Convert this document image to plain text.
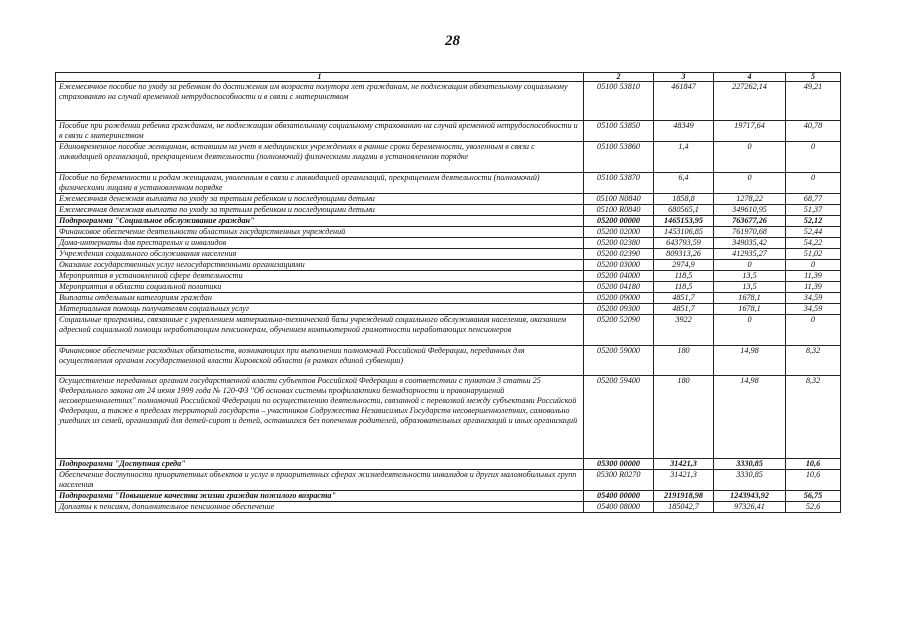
28
1	2	3	4	5
Ежемесячное пособие по уходу за ребенком до достижения им возраста полутора лет гражданам, не подлежащим обязательному социальному страхованию на случай временной нетрудоспособности и в связи с материнством	05100 53810	461847	227262,14	49,21
Пособие при рождении ребенка гражданам, не подлежащим обязательному социальному страхованию на случай временной нетрудоспособности и в связи с материнством	05100 53850	48349	19717,64	40,78
Единовременное пособие женщинам, вставшим на учет в медицинских учреждениях в ранние сроки беременности, уволенным в связи с ликвидацией организаций, прекращением деятельности (полномочий) физическими лицами в установленном порядке	05100 53860	1,4	0	0
Пособие по беременности и родам женщинам, уволенным в связи с ликвидацией организаций, прекращением деятельности (полномочий) физическими лицами в установленном порядке	05100 53870	6,4	0	0
Ежемесячная денежная выплата по уходу за третьим ребенком и последующими детьми	05100 N0840	1858,8	1278,22	68,77
Ежемесячная денежная выплата по уходу за третьим ребенком и последующими детьми	05100 R0840	680565,1	349610,95	51,37
Подпрограмма "Социальное обслуживание граждан"	05200 00000	1465153,95	763677,26	52,12
Финансовое обеспечение деятельности областных государственных учреждений	05200 02000	1453106,85	761970,68	52,44
Дома-интернаты для престарелых и инвалидов	05200 02380	643793,59	349035,42	54,22
Учреждения социального обслуживания населения	05200 02390	809313,26	412935,27	51,02
Оказание государственных услуг негосударственными организациями	05200 03000	2974,9	0	0
Мероприятия в установленной сфере деятельности	05200 04000	118,5	13,5	11,39
Мероприятия в области социальной политики	05200 04180	118,5	13,5	11,39
Выплаты отдельным категориям граждан	05200 09000	4851,7	1678,1	34,59
Материальная помощь получателям социальных услуг	05200 09300	4851,7	1678,1	34,59
Социальные программы, связанные с укреплением материально-технической базы учреждений социального обслуживания населения, оказанием адресной социальной помощи неработающим пенсионерам, обучением компьютерной грамотности неработающих пенсионеров	05200 52090	3922	0	0
Финансовое обеспечение расходных обязательств, возникающих при выполнении полномочий Российской Федерации, переданных для осуществления органам государственной власти Кировской области (в рамках единой субвенции)	05200 59000	180	14,98	8,32
Осуществление переданных органам государственной власти субъектов Российской Федерации в соответствии с пунктом 3 статьи 25 Федерального закона от 24 июня 1999 года № 120-ФЗ "Об основах системы профилактики безнадзорности и правонарушений несовершеннолетних" полномочий Российской Федерации по осуществлению деятельности, связанной с перевозкой между субъектами Российской Федерации, а также в пределах территорий государств – участников Содружества Независимых Государств несовершеннолетних, самовольно ушедших из семей, организаций для детей-сирот и детей, оставшихся без попечения родителей, образовательных организаций и иных организаций	05200 59400	180	14,98	8,32
Подпрограмма "Доступная среда"	05300 00000	31421,3	3330,85	10,6
Обеспечение доступности приоритетных объектов и услуг в приоритетных сферах жизнедеятельности инвалидов и других маломобильных групп населения	05300 R0270	31421,3	3330,85	10,6
Подпрограмма "Повышение качества жизни граждан пожилого возраста"	05400 00000	2191918,98	1243943,92	56,75
Доплаты к пенсиям, дополнительное пенсионное обеспечение	05400 08000	185042,7	97326,41	52,6
